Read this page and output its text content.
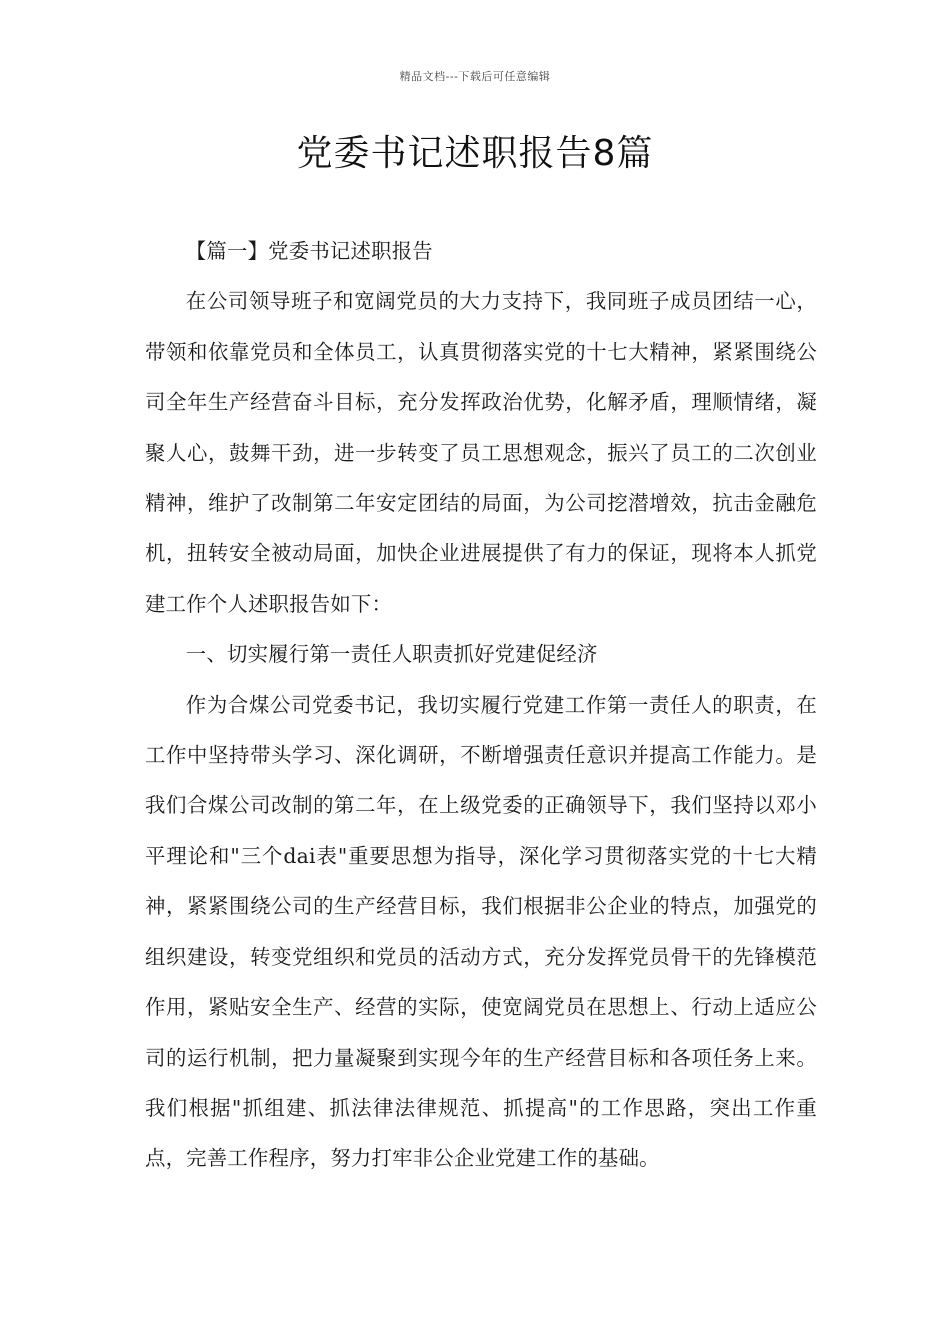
精品文档---下载后可任意编辑
党委书记述职报告8篇

【篇一】党委书记述职报告

在公司领导班子和宽阔党员的大力支持下，我同班子成员团结一心，带领和依靠党员和全体员工，认真贯彻落实党的十七大精神，紧紧围绕公司全年生产经营奋斗目标，充分发挥政治优势，化解矛盾，理顺情绪，凝聚人心，鼓舞干劲，进一步转变了员工思想观念，振兴了员工的二次创业精神，维护了改制第二年安定团结的局面，为公司挖潜增效，抗击金融危机，扭转安全被动局面，加快企业进展提供了有力的保证，现将本人抓党建工作个人述职报告如下：

一、切实履行第一责任人职责抓好党建促经济

作为合煤公司党委书记，我切实履行党建工作第一责任人的职责，在工作中坚持带头学习、深化调研，不断增强责任意识并提高工作能力。是我们合煤公司改制的第二年，在上级党委的正确领导下，我们坚持以邓小平理论和"三个dai表"重要思想为指导，深化学习贯彻落实党的十七大精神，紧紧围绕公司的生产经营目标，我们根据非公企业的特点，加强党的组织建设，转变党组织和党员的活动方式，充分发挥党员骨干的先锋模范作用，紧贴安全生产、经营的实际，使宽阔党员在思想上、行动上适应公司的运行机制，把力量凝聚到实现今年的生产经营目标和各项任务上来。我们根据"抓组建、抓法律法律规范、抓提高"的工作思路，突出工作重点，完善工作程序，努力打牢非公企业党建工作的基础。
